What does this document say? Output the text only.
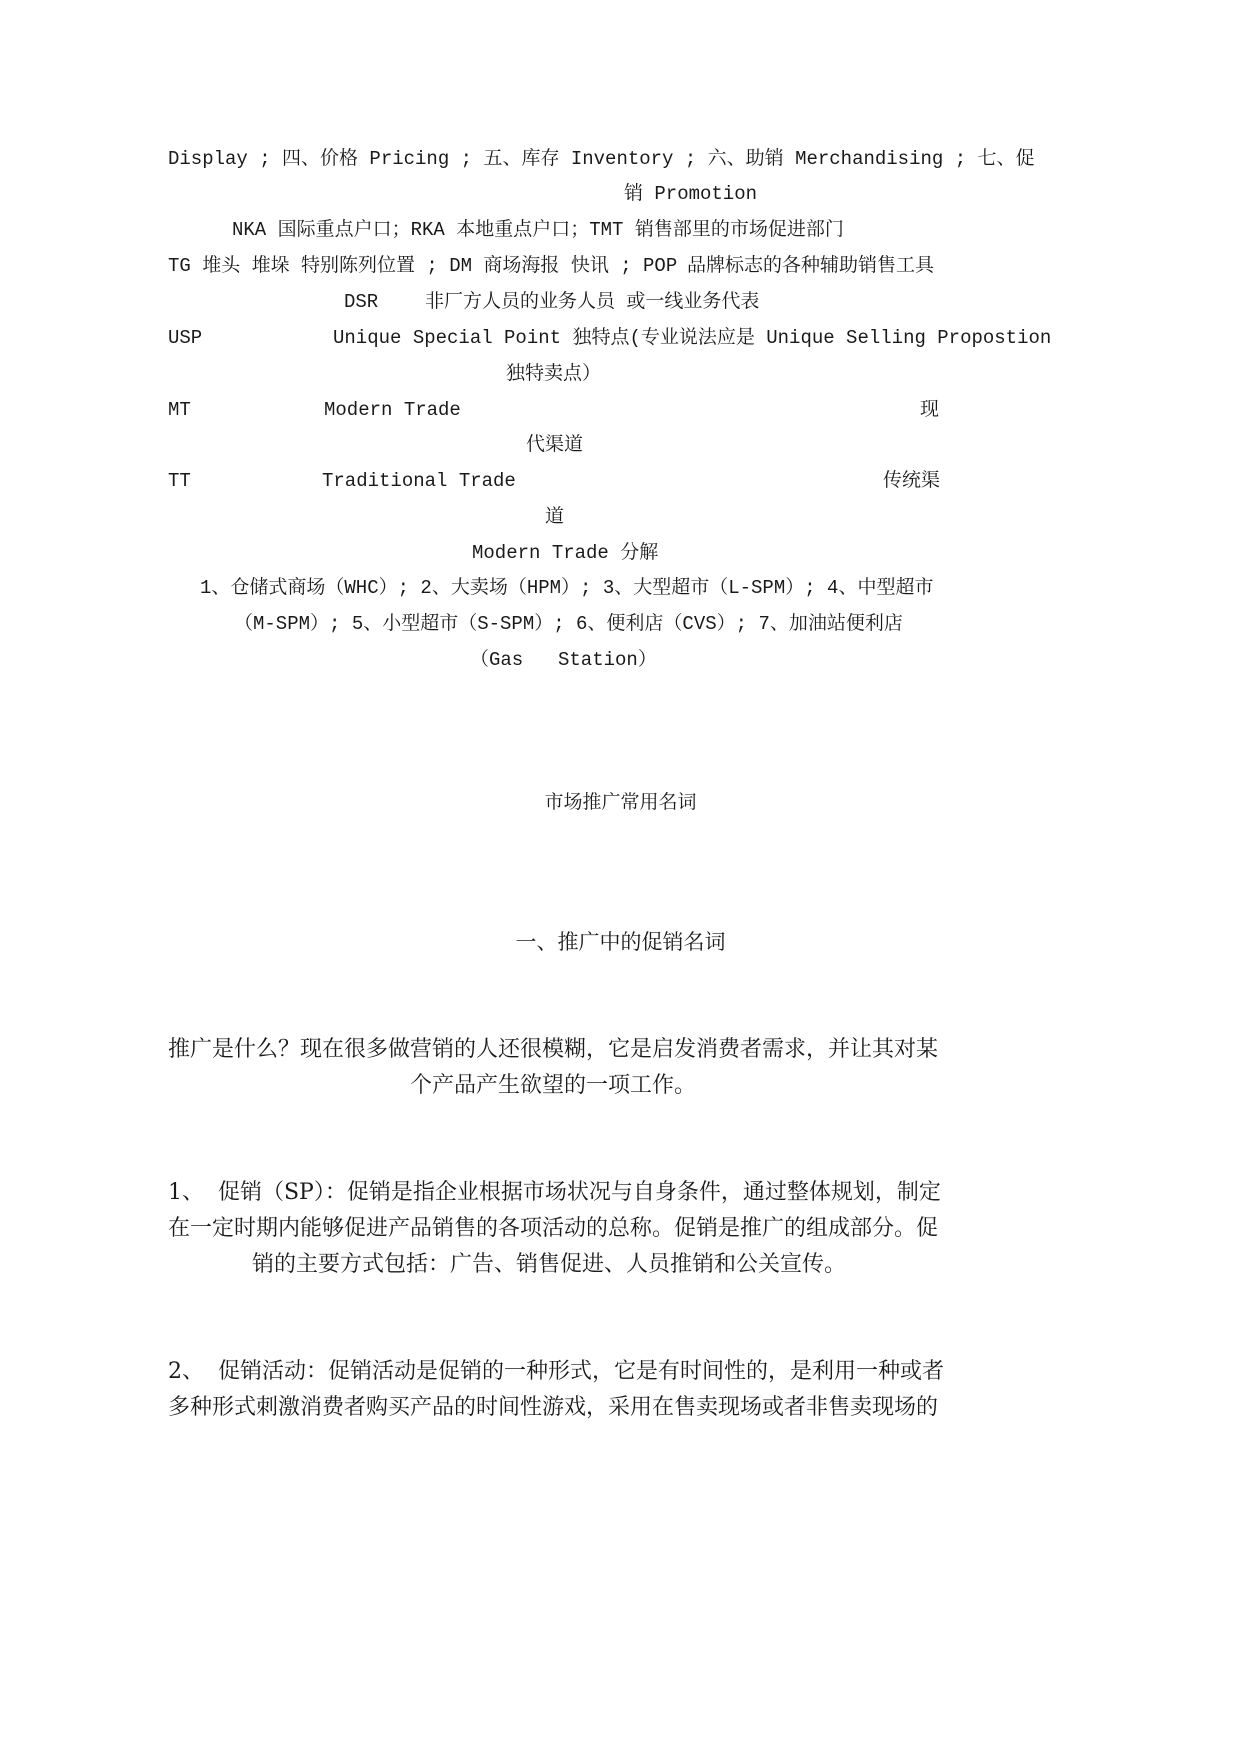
Display ; 四、价格 Pricing ; 五、库存 Inventory ; 六、助销 Merchandising ; 七、促
销 Promotion
NKA 国际重点户口；RKA 本地重点户口；TMT 销售部里的市场促进部门
TG 堆头 堆垛 特别陈列位置 ; DM 商场海报 快讯 ; POP 品牌标志的各种辅助销售工具
DSR 非厂方人员的业务人员 或一线业务代表
USP	Unique Special Point 独特点(专业说法应是 Unique Selling Propostion
独特卖点）
MT	Modern Trade	现
代渠道
TT	Traditional Trade	传统渠
道
Modern Trade 分解
1、仓储式商场（WHC）; 2、大卖场（HPM）; 3、大型超市（L-SPM）; 4、中型超市
（M-SPM）; 5、小型超市（S-SPM）; 6、便利店（CVS）; 7、加油站便利店
（Gas Station）
市场推广常用名词
一、推广中的促销名词
推广是什么？现在很多做营销的人还很模糊，它是启发消费者需求，并让其对某
个产品产生欲望的一项工作。
1、  促销（SP）：促销是指企业根据市场状况与自身条件，通过整体规划，制定
在一定时期内能够促进产品销售的各项活动的总称。促销是推广的组成部分。促
销的主要方式包括：广告、销售促进、人员推销和公关宣传。
2、  促销活动：促销活动是促销的一种形式，它是有时间性的，是利用一种或者
多种形式刺激消费者购买产品的时间性游戏，采用在售卖现场或者非售卖现场的
